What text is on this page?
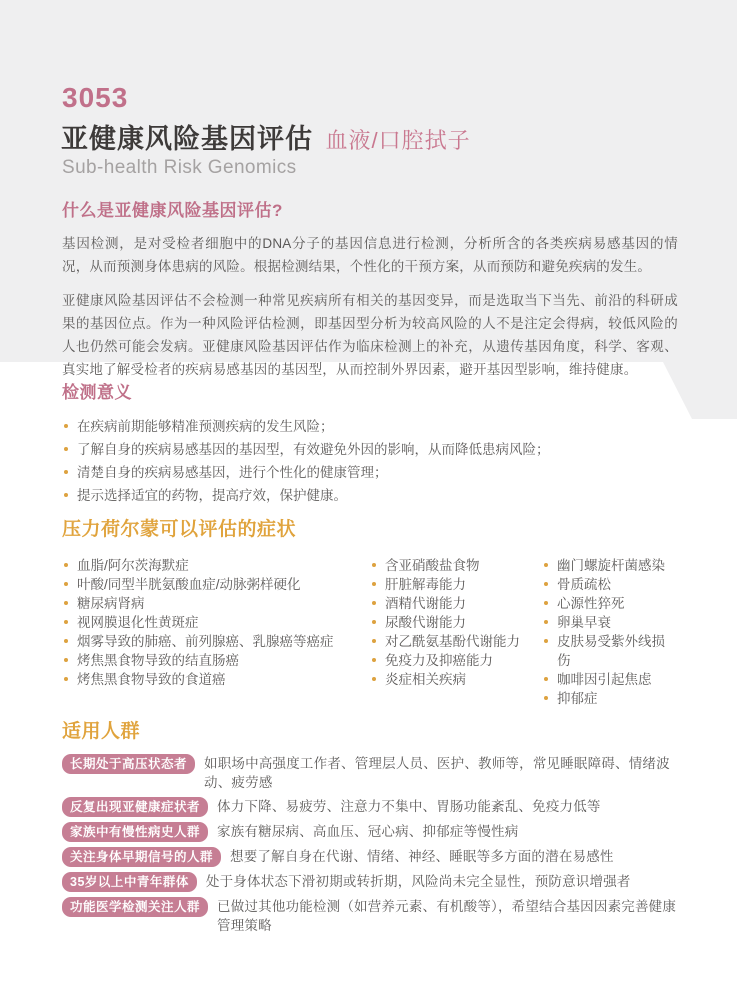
3053
亚健康风险基因评估 血液/口腔拭子
Sub-health Risk Genomics
什么是亚健康风险基因评估?

基因检测，是对受检者细胞中的DNA分子的基因信息进行检测，分析所含的各类疾病易感基因的情况，从而预测身体患病的风险。根据检测结果，个性化的干预方案，从而预防和避免疾病的发生。

亚健康风险基因评估不会检测一种常见疾病所有相关的基因变异，而是选取当下当先、前沿的科研成果的基因位点。作为一种风险评估检测，即基因型分析为较高风险的人不是注定会得病，较低风险的人也仍然可能会发病。亚健康风险基因评估作为临床检测上的补充，从遗传基因角度，科学、客观、真实地了解受检者的疾病易感基因的基因型，从而控制外界因素，避开基因型影响，维持健康。

检测意义
在疾病前期能够精准预测疾病的发生风险；
了解自身的疾病易感基因的基因型，有效避免外因的影响，从而降低患病风险；
清楚自身的疾病易感基因，进行个性化的健康管理；
提示选择适宜的药物，提高疗效，保护健康。
压力荷尔蒙可以评估的症状
血脂/阿尔茨海默症
叶酸/同型半胱氨酸血症/动脉粥样硬化
糖尿病肾病
视网膜退化性黄斑症
烟雾导致的肺癌、前列腺癌、乳腺癌等癌症
烤焦黑食物导致的结直肠癌
烤焦黑食物导致的食道癌
含亚硝酸盐食物
肝脏解毒能力
酒精代谢能力
尿酸代谢能力
对乙酰氨基酚代谢能力
免疫力及抑癌能力
炎症相关疾病
幽门螺旋杆菌感染
骨质疏松
心源性猝死
卵巢早衰
皮肤易受紫外线损伤
咖啡因引起焦虑
抑郁症
适用人群
长期处于高压状态者	如职场中高强度工作者、管理层人员、医护、教师等，常见睡眠障碍、情绪波动、疲劳感
反复出现亚健康症状者	体力下降、易疲劳、注意力不集中、胃肠功能紊乱、免疫力低等
家族中有慢性病史人群	家族有糖尿病、高血压、冠心病、抑郁症等慢性病
关注身体早期信号的人群	想要了解自身在代谢、情绪、神经、睡眠等多方面的潜在易感性
35岁以上中青年群体	处于身体状态下滑初期或转折期，风险尚未完全显性，预防意识增强者
功能医学检测关注人群	已做过其他功能检测（如营养元素、有机酸等），希望结合基因因素完善健康管理策略
